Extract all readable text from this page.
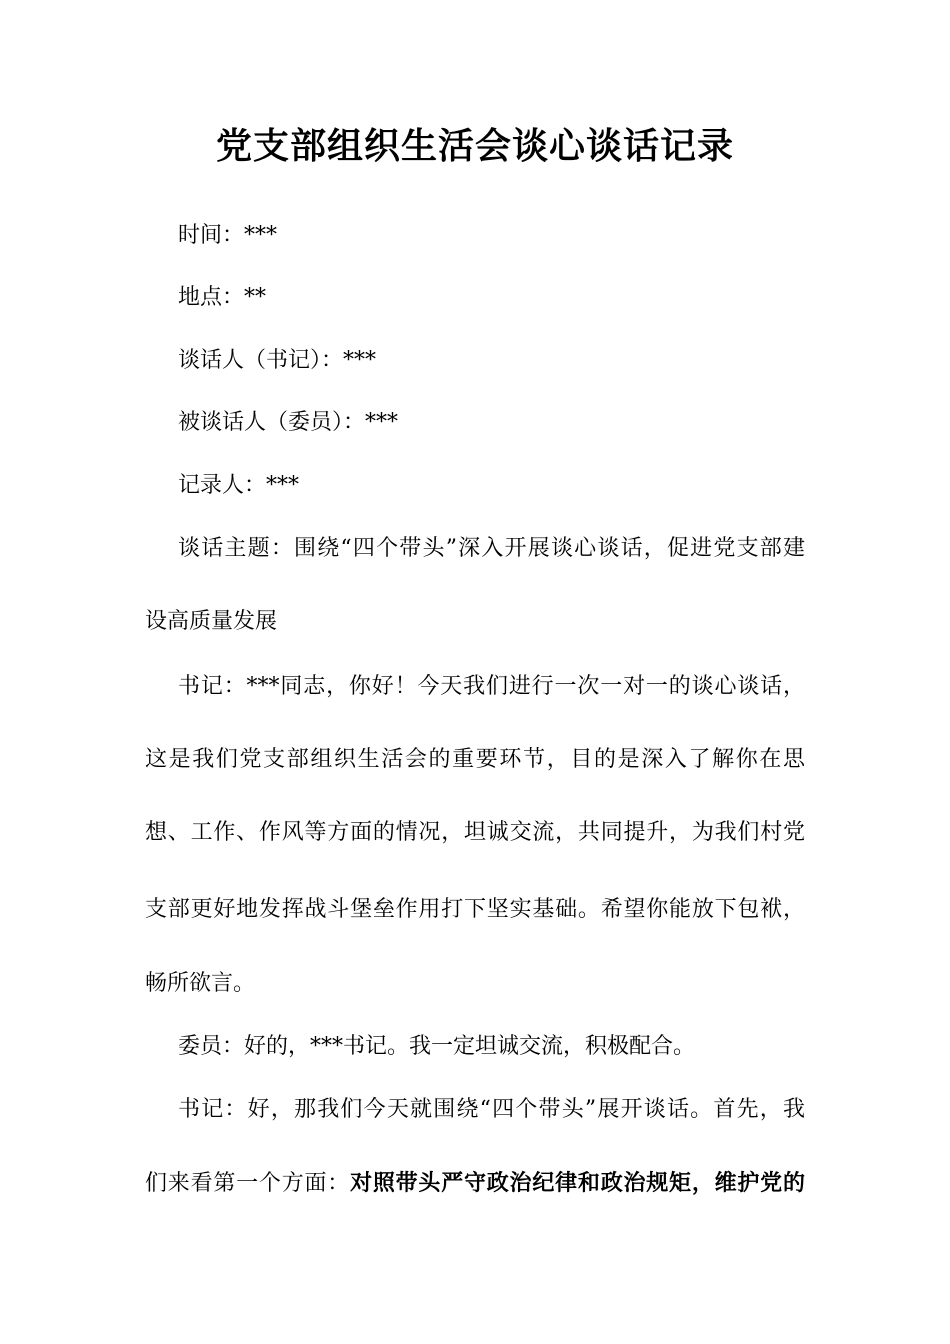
党支部组织生活会谈心谈话记录
时间：***
地点：**
谈话人（书记）：***
被谈话人（委员）：***
记录人：***
谈话主题：围绕“四个带头”深入开展谈心谈话，促进党支部建
设高质量发展
书记：***同志，你好！今天我们进行一次一对一的谈心谈话，
这是我们党支部组织生活会的重要环节，目的是深入了解你在思
想、工作、作风等方面的情况，坦诚交流，共同提升，为我们村党
支部更好地发挥战斗堡垒作用打下坚实基础。希望你能放下包袱，
畅所欲言。
委员：好的，***书记。我一定坦诚交流，积极配合。
书记：好，那我们今天就围绕“四个带头”展开谈话。首先，我
们来看第一个方面：对照带头严守政治纪律和政治规矩，维护党的
